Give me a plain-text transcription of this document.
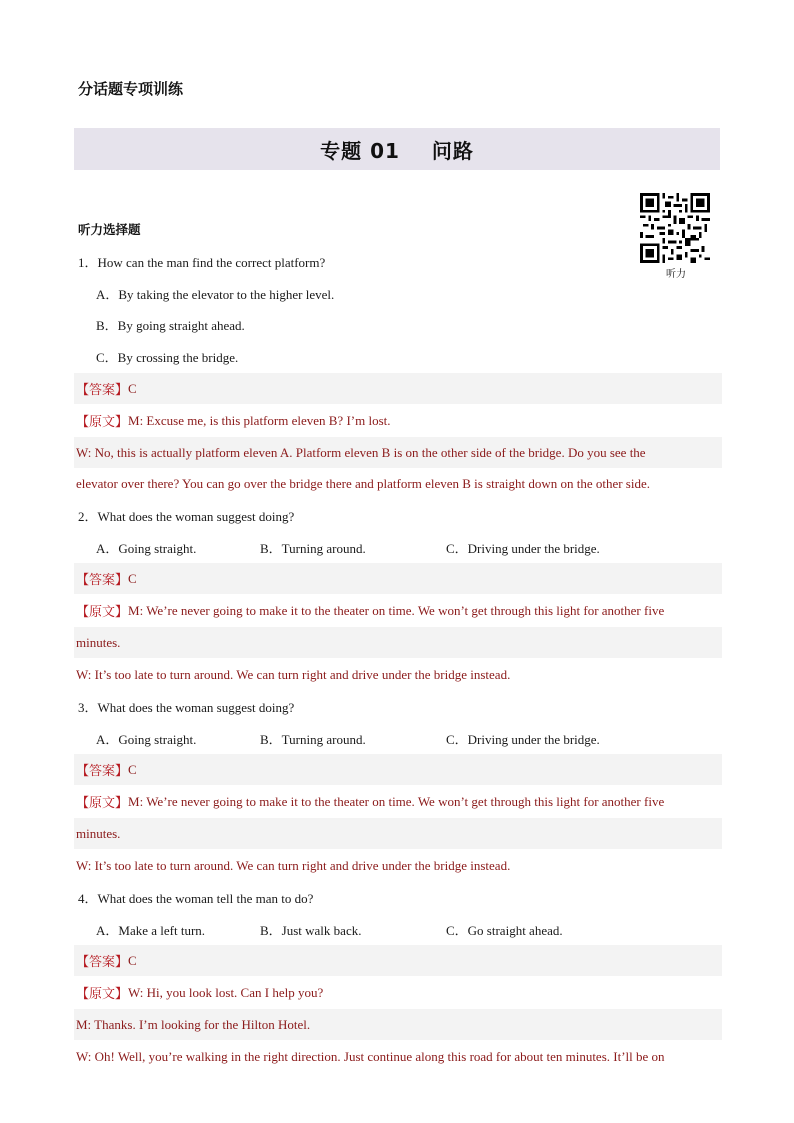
分话题专项训练
专题 01    问路
听力
听力选择题
1．How can the man find the correct platform?
A．By taking the elevator to the higher level.
B．By going straight ahead.
C．By crossing the bridge.
【答案】 C
【原文】 M: Excuse me, is this platform eleven B? I’m lost.
W: No, this is actually platform eleven A. Platform eleven B is on the other side of the bridge. Do you see the
elevator over there? You can go over the bridge there and platform eleven B is straight down on the other side.
2．What does the woman suggest doing?
A．Going straight.	B．Turning around.	C．Driving under the bridge.
【答案】 C
【原文】 M: We’re never going to make it to the theater on time. We won’t get through this light for another five
minutes.
W: It’s too late to turn around. We can turn right and drive under the bridge instead.
3．What does the woman suggest doing?
A．Going straight.	B．Turning around.	C．Driving under the bridge.
【答案】 C
【原文】 M: We’re never going to make it to the theater on time. We won’t get through this light for another five
minutes.
W: It’s too late to turn around. We can turn right and drive under the bridge instead.
4．What does the woman tell the man to do?
A．Make a left turn.	B．Just walk back.	C．Go straight ahead.
【答案】 C
【原文】 W: Hi, you look lost. Can I help you?
M: Thanks. I’m looking for the Hilton Hotel.
W: Oh! Well, you’re walking in the right direction. Just continue along this road for about ten minutes. It’ll be on
